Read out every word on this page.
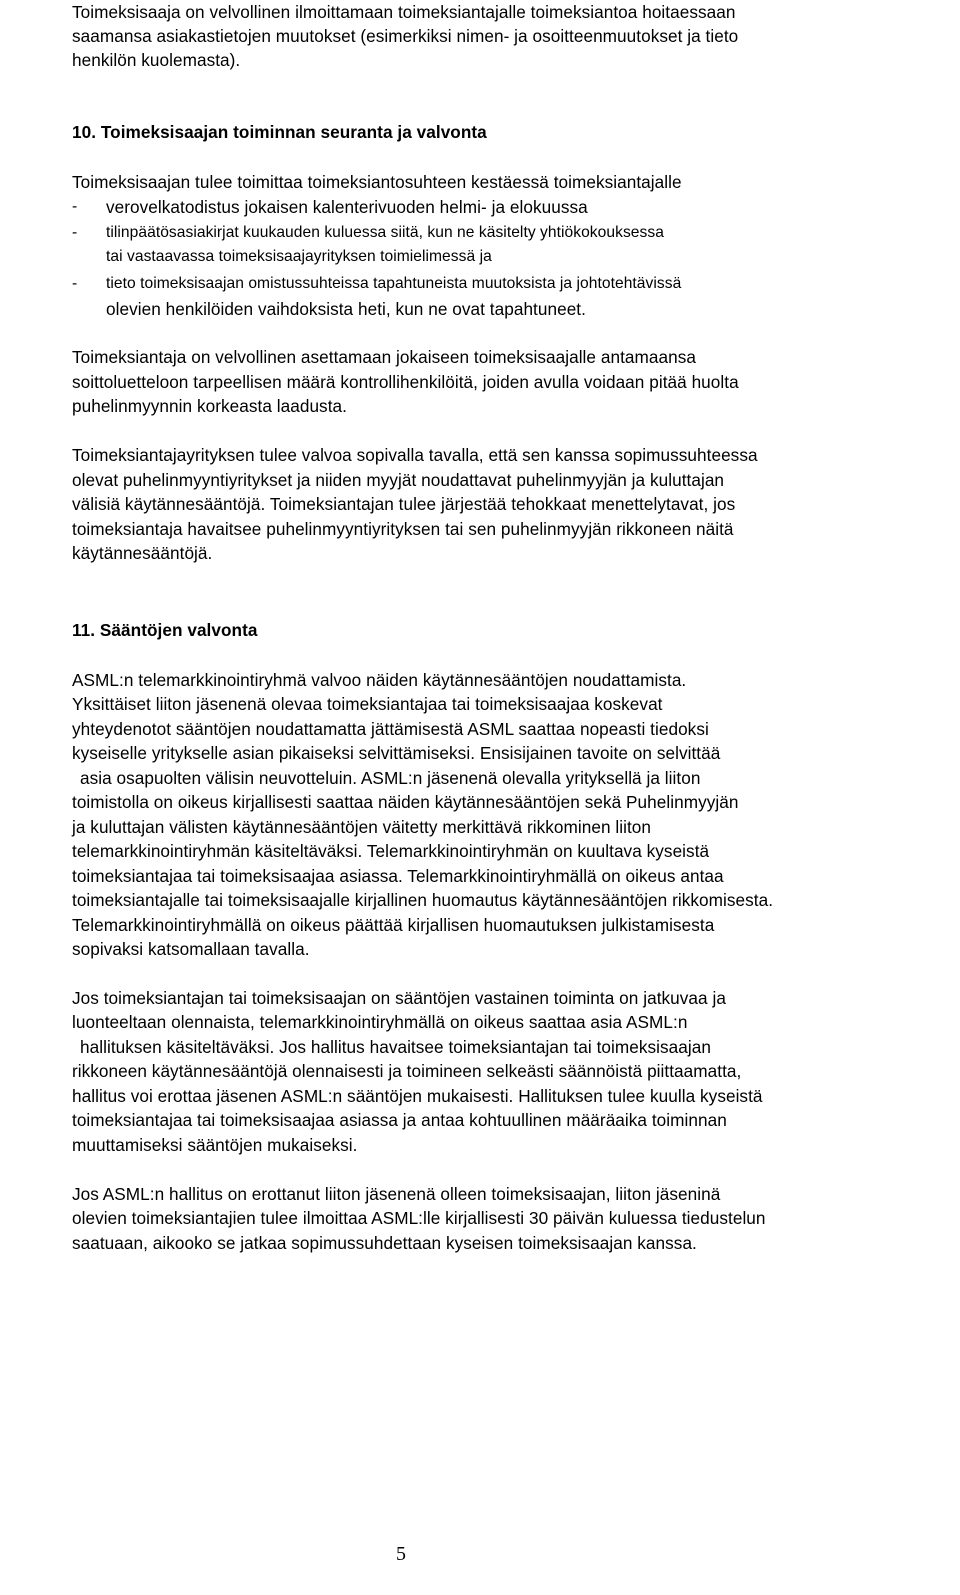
Toimeksisaaja on velvollinen ilmoittamaan toimeksiantajalle toimeksiantoa hoitaessaan
saamansa asiakastietojen muutokset (esimerkiksi nimen- ja osoitteenmuutokset ja tieto
henkilön kuolemasta).
10. Toimeksisaajan toiminnan seuranta ja valvonta
Toimeksisaajan tulee toimittaa toimeksiantosuhteen kestäessä toimeksiantajalle
- verovelkatodistus jokaisen kalenterivuoden helmi- ja elokuussa
- tilinpäätösasiakirjat kuukauden kuluessa siitä, kun ne käsitelty yhtiökokouksessa
tai vastaavassa toimeksisaajayrityksen toimielimessä ja
- tieto toimeksisaajan omistussuhteissa tapahtuneista muutoksista ja johtotehtävissä
olevien henkilöiden vaihdoksista heti, kun ne ovat tapahtuneet.
Toimeksiantaja on velvollinen asettamaan jokaiseen toimeksisaajalle antamaansa
soittoluetteloon tarpeellisen määrä kontrollihenkilöitä, joiden avulla voidaan pitää huolta
puhelinmyynnin korkeasta laadusta.
Toimeksiantajayrityksen tulee valvoa sopivalla tavalla, että sen kanssa sopimussuhteessa
olevat puhelinmyyntiyritykset ja niiden myyjät noudattavat puhelinmyyjän ja kuluttajan
välisiä käytännesääntöjä. Toimeksiantajan tulee järjestää tehokkaat menettelytavat, jos
toimeksiantaja havaitsee puhelinmyyntiyrityksen tai sen puhelinmyyjän rikkoneen näitä
käytännesääntöjä.
11. Sääntöjen valvonta
ASML:n telemarkkinointiryhmä valvoo näiden käytännesääntöjen noudattamista.
Yksittäiset liiton jäsenenä olevaa toimeksiantajaa tai toimeksisaajaa koskevat
yhteydenotot sääntöjen noudattamatta jättämisestä ASML saattaa nopeasti tiedoksi
kyseiselle yritykselle asian pikaiseksi selvittämiseksi. Ensisijainen tavoite on selvittää
asia osapuolten välisin neuvotteluin. ASML:n jäsenenä olevalla yrityksellä ja liiton
toimistolla on oikeus kirjallisesti saattaa näiden käytännesääntöjen sekä Puhelinmyyjän
ja kuluttajan välisten käytännesääntöjen väitetty merkittävä rikkominen liiton
telemarkkinointiryhmän käsiteltäväksi. Telemarkkinointiryhmän on kuultava kyseistä
toimeksiantajaa tai toimeksisaajaa asiassa. Telemarkkinointiryhmällä on oikeus antaa
toimeksiantajalle tai toimeksisaajalle kirjallinen huomautus käytännesääntöjen rikkomisesta.
Telemarkkinointiryhmällä on oikeus päättää kirjallisen huomautuksen julkistamisesta
sopivaksi katsomallaan tavalla.
Jos toimeksiantajan tai toimeksisaajan on sääntöjen vastainen toiminta on jatkuvaa ja
luonteeltaan olennaista, telemarkkinointiryhmällä on oikeus saattaa asia ASML:n
hallituksen käsiteltäväksi. Jos hallitus havaitsee toimeksiantajan tai toimeksisaajan
rikkoneen käytännesääntöjä olennaisesti ja toimineen selkeästi säännöistä piittaamatta,
hallitus voi erottaa jäsenen ASML:n sääntöjen mukaisesti. Hallituksen tulee kuulla kyseistä
toimeksiantajaa tai toimeksisaajaa asiassa ja antaa kohtuullinen määräaika toiminnan
muuttamiseksi sääntöjen mukaiseksi.
Jos ASML:n hallitus on erottanut liiton jäsenenä olleen toimeksisaajan, liiton jäseninä
olevien toimeksiantajien tulee ilmoittaa ASML:lle kirjallisesti 30 päivän kuluessa tiedustelun
saatuaan, aikooko se jatkaa sopimussuhdettaan kyseisen toimeksisaajan kanssa.
5
